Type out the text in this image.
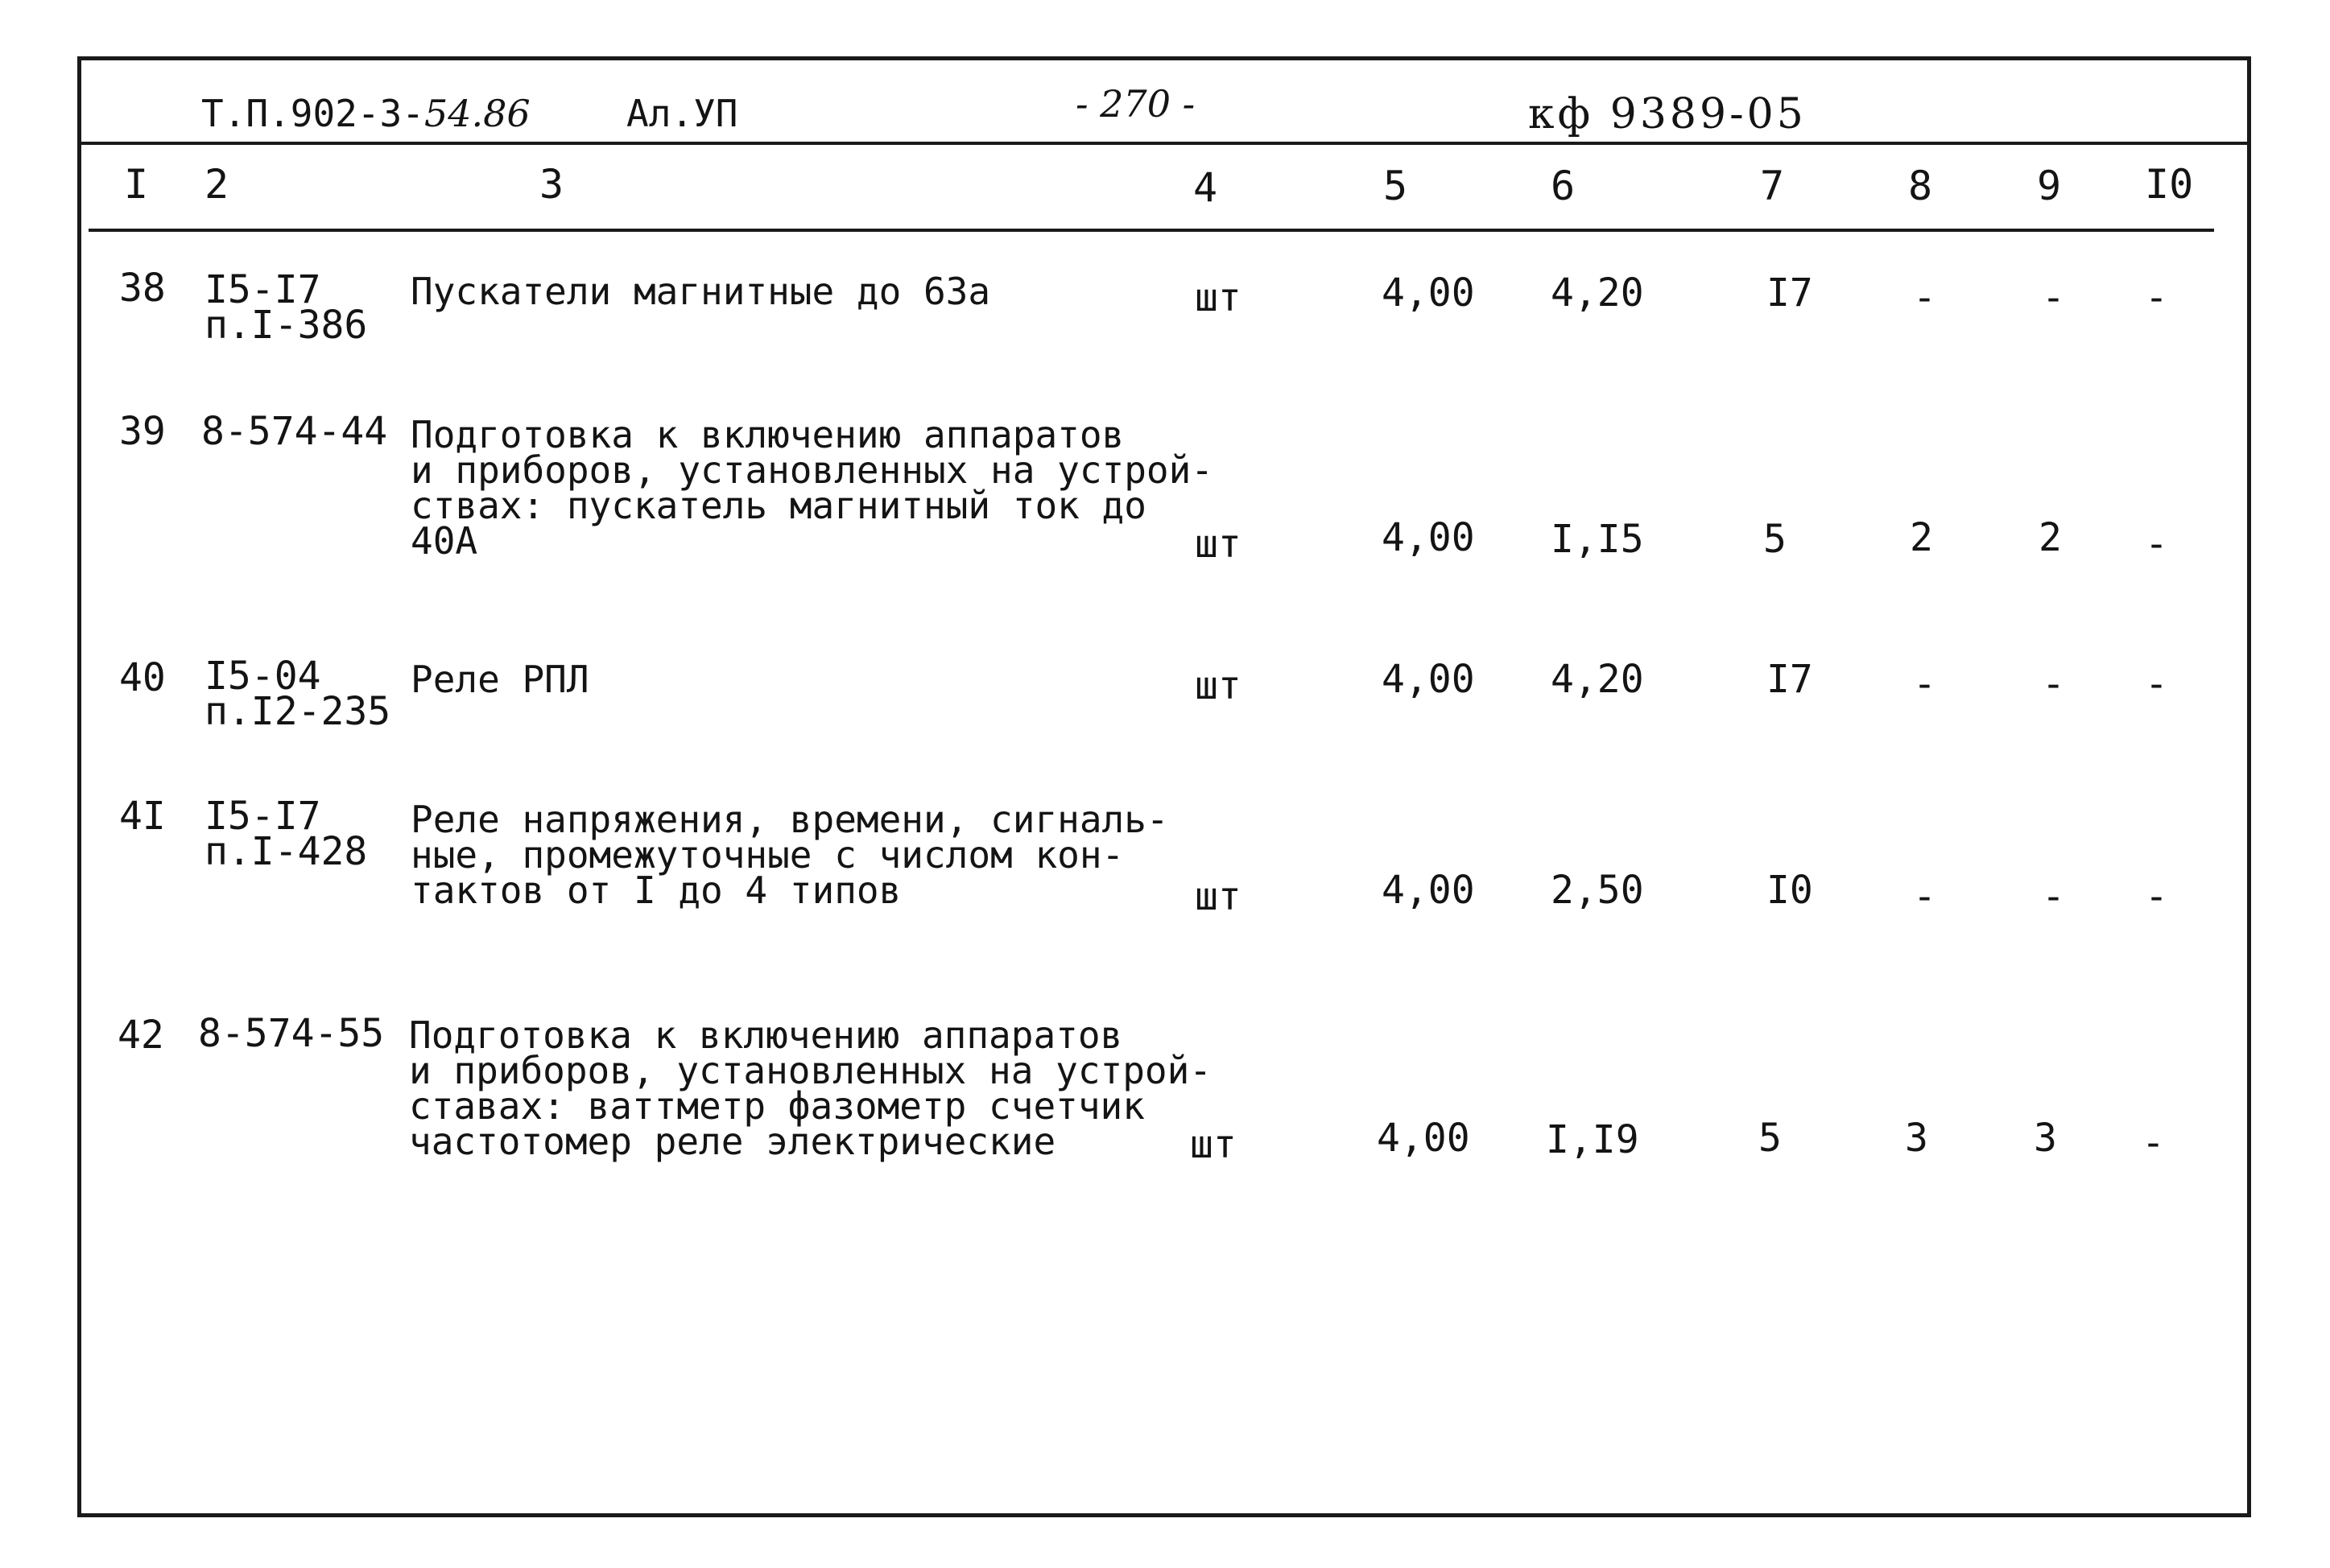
Т.П.902-3-54.86	Ал.УП	- 270 -	кф 9389-05
I 2	3	4	5	6	7	8	9 I0
38 I5-I7
п.I-386
Пускатели магнитные до 63а	шт	4,00 4,20	I7	-	- -
39 8-574-44 Подготовка к включению аппаратов
и приборов, установленных на устрой-
ствах: пускатель магнитный ток до
40А	шт	4,00 I,I5	5	2	2 -
40 I5-04
п.I2-235
Реле РПЛ	шт	4,00 4,20	I7	-	- -
4I I5-I7
п.I-428
Реле напряжения, времени, сигналь-
ные, промежуточные с числом кон-
тактов от I до 4 типов	шт	4,00 2,50	I0	-	- -
42 8-574-55 Подготовка к включению аппаратов
и приборов, установленных на устрой-
ставах: ваттметр фазометр счетчик
частотомер реле электрические	шт	4,00 I,I9	5	3	3 -
